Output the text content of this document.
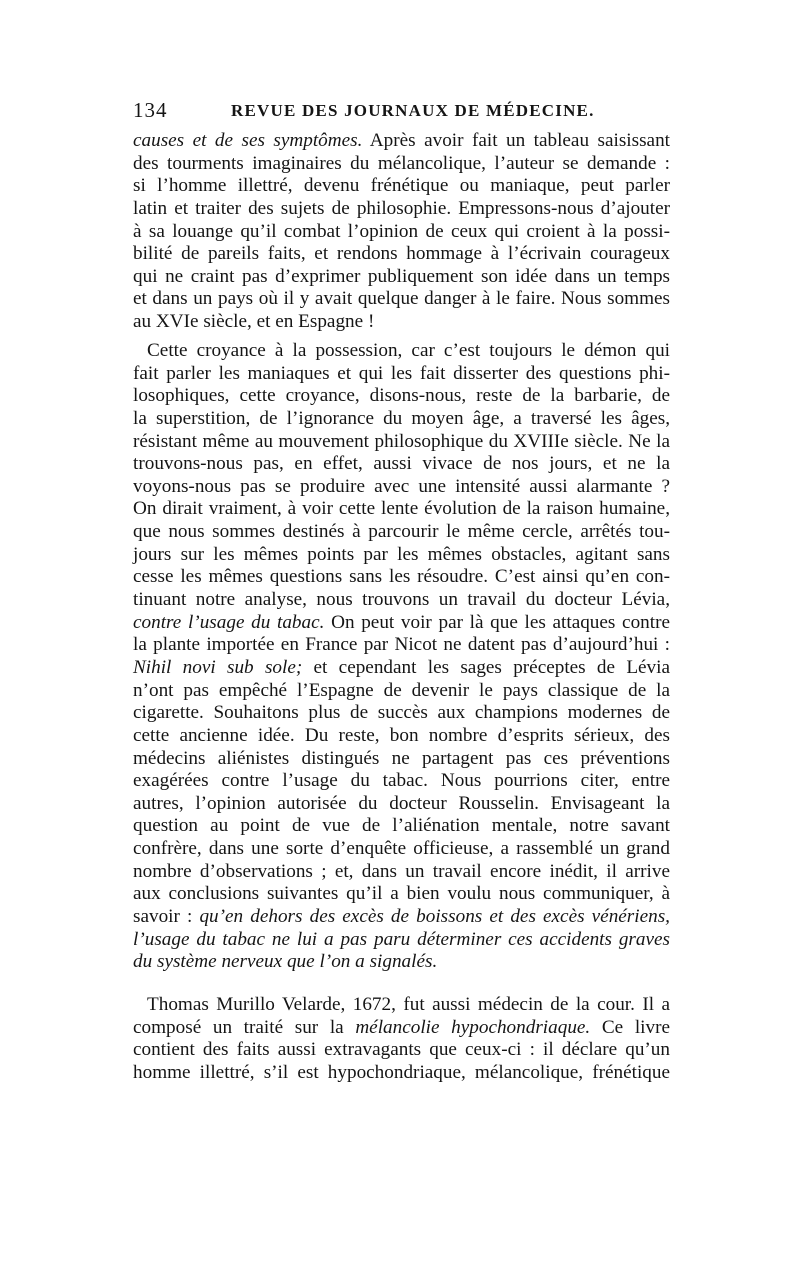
134	REVUE DES JOURNAUX DE MÉDECINE.
causes et de ses symptômes. Après avoir fait un tableau saisissant
des tourments imaginaires du mélancolique, l’auteur se demande :
si l’homme illettré, devenu frénétique ou maniaque, peut parler
latin et traiter des sujets de philosophie. Empressons-nous d’ajouter
à sa louange qu’il combat l’opinion de ceux qui croient à la possi-
bilité de pareils faits, et rendons hommage à l’écrivain courageux
qui ne craint pas d’exprimer publiquement son idée dans un temps
et dans un pays où il y avait quelque danger à le faire. Nous sommes
au XVIe siècle, et en Espagne !
Cette croyance à la possession, car c’est toujours le démon qui
fait parler les maniaques et qui les fait disserter des questions phi-
losophiques, cette croyance, disons-nous, reste de la barbarie, de
la superstition, de l’ignorance du moyen âge, a traversé les âges,
résistant même au mouvement philosophique du XVIIIe siècle. Ne la
trouvons-nous pas, en effet, aussi vivace de nos jours, et ne la
voyons-nous pas se produire avec une intensité aussi alarmante ?
On dirait vraiment, à voir cette lente évolution de la raison humaine,
que nous sommes destinés à parcourir le même cercle, arrêtés tou-
jours sur les mêmes points par les mêmes obstacles, agitant sans
cesse les mêmes questions sans les résoudre. C’est ainsi qu’en con-
tinuant notre analyse, nous trouvons un travail du docteur Lévia,
contre l’usage du tabac. On peut voir par là que les attaques contre
la plante importée en France par Nicot ne datent pas d’aujourd’hui :
Nihil novi sub sole; et cependant les sages préceptes de Lévia
n’ont pas empêché l’Espagne de devenir le pays classique de la
cigarette. Souhaitons plus de succès aux champions modernes de
cette ancienne idée. Du reste, bon nombre d’esprits sérieux, des
médecins aliénistes distingués ne partagent pas ces préventions
exagérées contre l’usage du tabac. Nous pourrions citer, entre
autres, l’opinion autorisée du docteur Rousselin. Envisageant la
question au point de vue de l’aliénation mentale, notre savant
confrère, dans une sorte d’enquête officieuse, a rassemblé un grand
nombre d’observations ; et, dans un travail encore inédit, il arrive
aux conclusions suivantes qu’il a bien voulu nous communiquer, à
savoir : qu’en dehors des excès de boissons et des excès vénériens,
l’usage du tabac ne lui a pas paru déterminer ces accidents graves
du système nerveux que l’on a signalés.
Thomas Murillo Velarde, 1672, fut aussi médecin de la cour. Il a
composé un traité sur la mélancolie hypochondriaque. Ce livre
contient des faits aussi extravagants que ceux-ci : il déclare qu’un
homme illettré, s’il est hypochondriaque, mélancolique, frénétique
